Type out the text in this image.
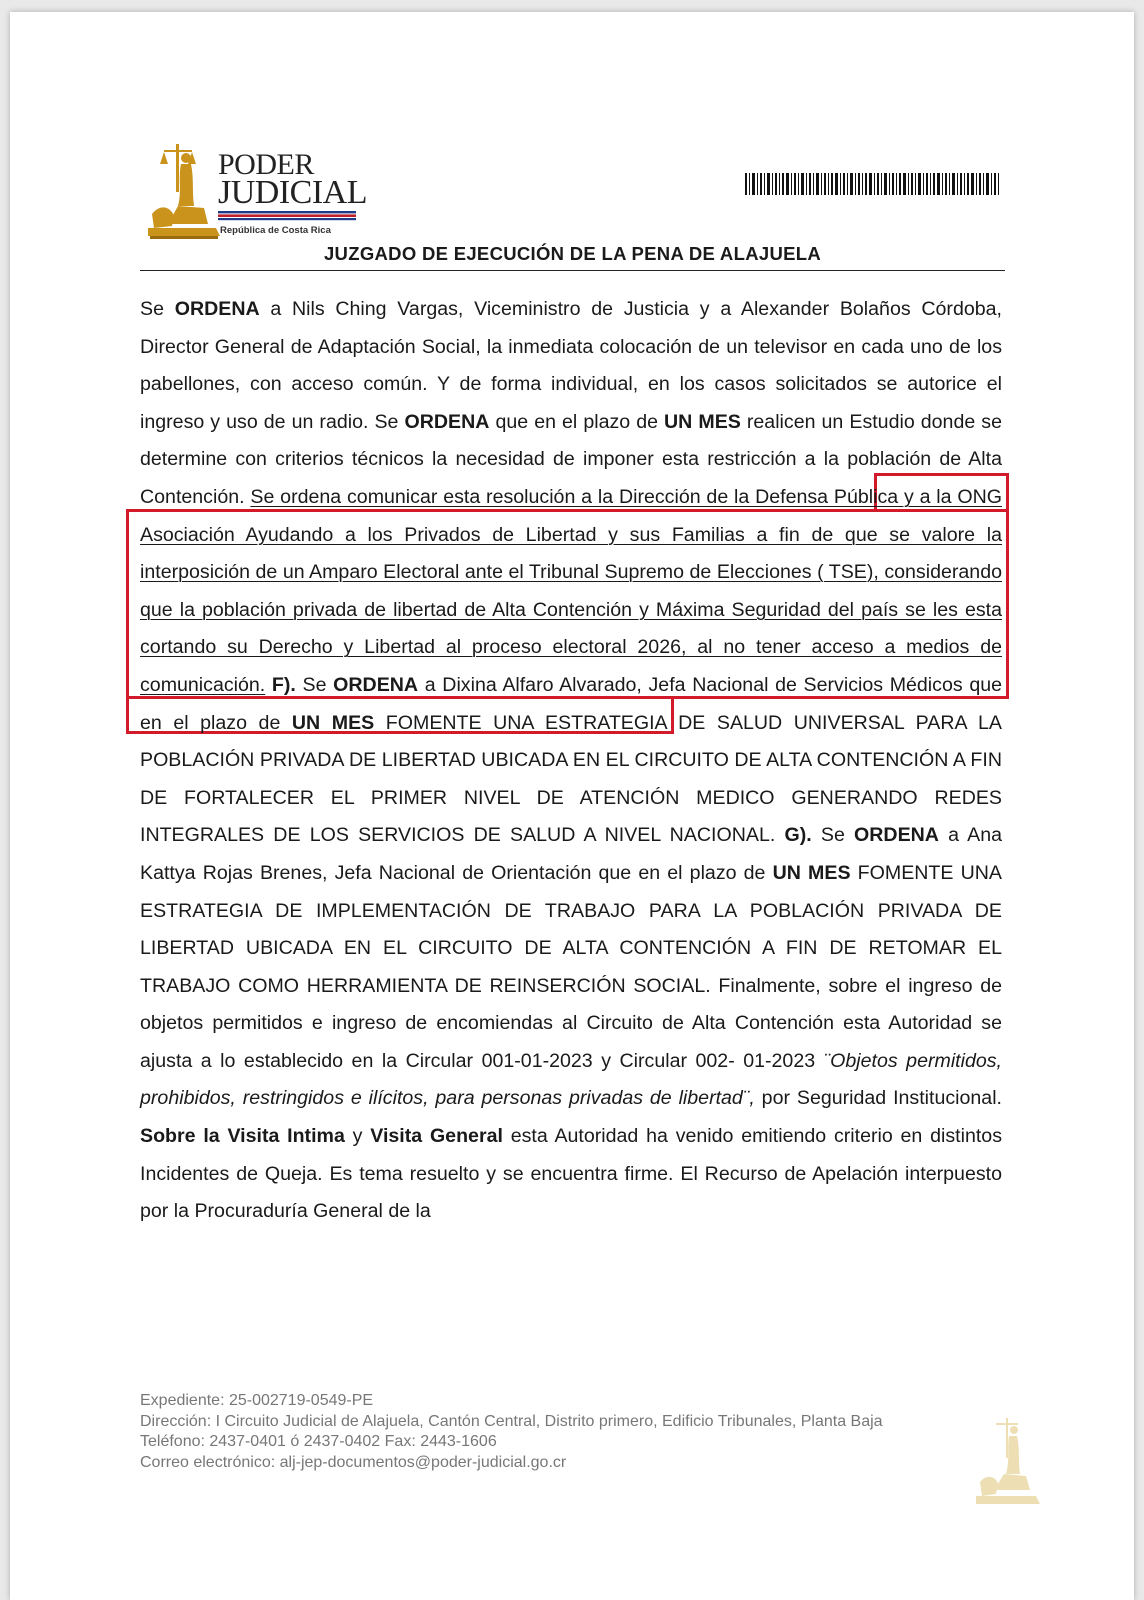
PODER
JUDICIAL
República de Costa Rica
JUZGADO DE EJECUCIÓN DE LA PENA DE ALAJUELA
Se ORDENA a Nils Ching Vargas, Viceministro de Justicia y a Alexander Bolaños Córdoba, Director General de Adaptación Social, la inmediata colocación de un televisor en cada uno de los pabellones, con acceso común. Y de forma individual, en los casos solicitados se autorice el ingreso y uso de un radio. Se ORDENA que en el plazo de UN MES realicen un Estudio donde se determine con criterios técnicos la necesidad de imponer esta restricción a la población de Alta Contención. Se ordena comunicar esta resolución a la Dirección de la Defensa Pública y a la ONG Asociación Ayudando a los Privados de Libertad y sus Familias a fin de que se valore la interposición de un Amparo Electoral ante el Tribunal Supremo de Elecciones ( TSE), considerando que la población privada de libertad de Alta Contención y Máxima Seguridad del país se les esta cortando su Derecho y Libertad al proceso electoral 2026, al no tener acceso a medios de comunicación. F). Se ORDENA a Dixina Alfaro Alvarado, Jefa Nacional de Servicios Médicos que en el plazo de UN MES FOMENTE UNA ESTRATEGIA DE SALUD UNIVERSAL PARA LA POBLACIÓN PRIVADA DE LIBERTAD UBICADA EN EL CIRCUITO DE ALTA CONTENCIÓN A FIN DE FORTALECER EL PRIMER NIVEL DE ATENCIÓN MEDICO GENERANDO REDES INTEGRALES DE LOS SERVICIOS DE SALUD A NIVEL NACIONAL. G). Se ORDENA a Ana Kattya Rojas Brenes, Jefa Nacional de Orientación que en el plazo de UN MES FOMENTE UNA ESTRATEGIA DE IMPLEMENTACIÓN DE TRABAJO PARA LA POBLACIÓN PRIVADA DE LIBERTAD UBICADA EN EL CIRCUITO DE ALTA CONTENCIÓN A FIN DE RETOMAR EL TRABAJO COMO HERRAMIENTA DE REINSERCIÓN SOCIAL. Finalmente, sobre el ingreso de objetos permitidos e ingreso de encomiendas al Circuito de Alta Contención esta Autoridad se ajusta a lo establecido en la Circular 001-01-2023 y Circular 002- 01-2023 ¨Objetos permitidos, prohibidos, restringidos e ilícitos, para personas privadas de libertad¨, por Seguridad Institucional. Sobre la Visita Intima y Visita General esta Autoridad ha venido emitiendo criterio en distintos Incidentes de Queja. Es tema resuelto y se encuentra firme. El Recurso de Apelación interpuesto por la Procuraduría General de la
Expediente: 25-002719-0549-PE
Dirección: I Circuito Judicial de Alajuela, Cantón Central, Distrito primero, Edificio Tribunales, Planta Baja
Teléfono: 2437-0401 ó 2437-0402 Fax: 2443-1606
Correo electrónico: alj-jep-documentos@poder-judicial.go.cr
